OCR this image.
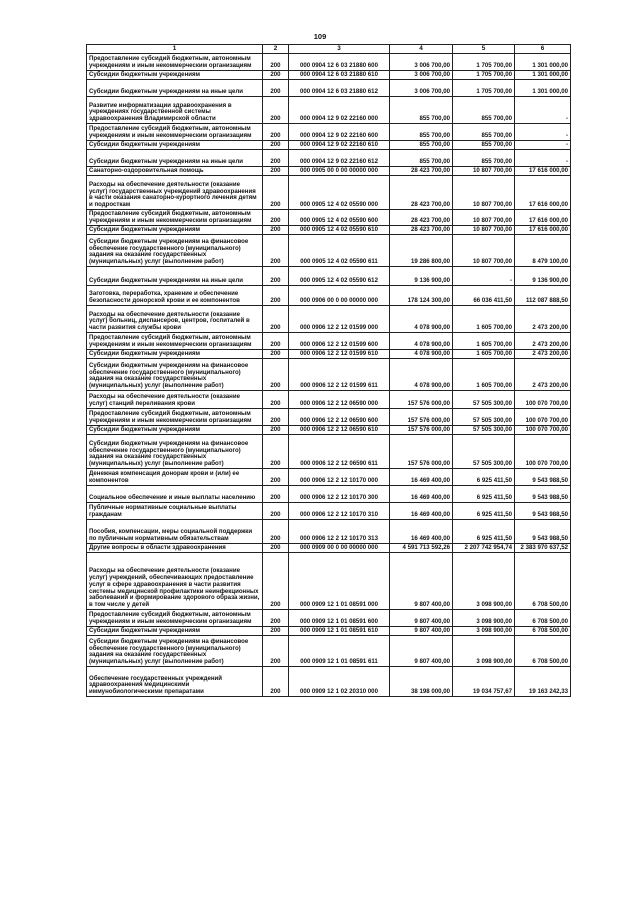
109
1	2	3	4	5	6
Предоставление субсидий бюджетным, автономным учреждениям и иным некоммерческим организациям	200	000 0904 12 6 03 21880 600	3 006 700,00	1 705 700,00	1 301 000,00
Субсидии бюджетным учреждениям	200	000 0904 12 6 03 21880 610	3 006 700,00	1 705 700,00	1 301 000,00
Субсидии бюджетным учреждениям на иные цели	200	000 0904 12 6 03 21880 612	3 006 700,00	1 705 700,00	1 301 000,00
Развитие информатизации здравоохранения в учреждениях государственной системы здравоохранения Владимирской области	200	000 0904 12 9 02 22160 000	855 700,00	855 700,00	-
Предоставление субсидий бюджетным, автономным учреждениям и иным некоммерческим организациям	200	000 0904 12 9 02 22160 600	855 700,00	855 700,00	-
Субсидии бюджетным учреждениям	200	000 0904 12 9 02 22160 610	855 700,00	855 700,00	-
Субсидии бюджетным учреждениям на иные цели	200	000 0904 12 9 02 22160 612	855 700,00	855 700,00	-
Санаторно-оздоровительная помощь	200	000 0905 00 0 00 00000 000	28 423 700,00	10 807 700,00	17 616 000,00
Расходы на обеспечение деятельности (оказание услуг) государственных учреждений здравоохранения в части оказания санаторно-курортного лечения детям и подросткам	200	000 0905 12 4 02 05590 000	28 423 700,00	10 807 700,00	17 616 000,00
Предоставление субсидий бюджетным, автономным учреждениям и иным некоммерческим организациям	200	000 0905 12 4 02 05590 600	28 423 700,00	10 807 700,00	17 616 000,00
Субсидии бюджетным учреждениям	200	000 0905 12 4 02 05590 610	28 423 700,00	10 807 700,00	17 616 000,00
Субсидии бюджетным учреждениям на финансовое обеспечение государственного (муниципального) задания на оказание государственных (муниципальных) услуг (выполнение работ)	200	000 0905 12 4 02 05590 611	19 286 800,00	10 807 700,00	8 479 100,00
Субсидии бюджетным учреждениям на иные цели	200	000 0905 12 4 02 05590 612	9 136 900,00	-	9 136 900,00
Заготовка, переработка, хранение и обеспечение безопасности донорской крови и ее компонентов	200	000 0906 00 0 00 00000 000	178 124 300,00	66 036 411,50	112 087 888,50
Расходы на обеспечение деятельности (оказание услуг) больниц, диспансеров, центров, госпиталей в части развития службы крови	200	000 0906 12 2 12 01599 000	4 078 900,00	1 605 700,00	2 473 200,00
Предоставление субсидий бюджетным, автономным учреждениям и иным некоммерческим организациям	200	000 0906 12 2 12 01599 600	4 078 900,00	1 605 700,00	2 473 200,00
Субсидии бюджетным учреждениям	200	000 0906 12 2 12 01599 610	4 078 900,00	1 605 700,00	2 473 200,00
Субсидии бюджетным учреждениям на финансовое обеспечение государственного (муниципального) задания на оказание государственных (муниципальных) услуг (выполнение работ)	200	000 0906 12 2 12 01599 611	4 078 900,00	1 605 700,00	2 473 200,00
Расходы на обеспечение деятельности (оказание услуг) станций переливания крови	200	000 0906 12 2 12 06590 000	157 576 000,00	57 505 300,00	100 070 700,00
Предоставление субсидий бюджетным, автономным учреждениям и иным некоммерческим организациям	200	000 0906 12 2 12 06590 600	157 576 000,00	57 505 300,00	100 070 700,00
Субсидии бюджетным учреждениям	200	000 0906 12 2 12 06590 610	157 576 000,00	57 505 300,00	100 070 700,00
Субсидии бюджетным учреждениям на финансовое обеспечение государственного (муниципального) задания на оказание государственных (муниципальных) услуг (выполнение работ)	200	000 0906 12 2 12 06590 611	157 576 000,00	57 505 300,00	100 070 700,00
Денежная компенсация донорам крови и (или) ее компонентов	200	000 0906 12 2 12 10170 000	16 469 400,00	6 925 411,50	9 543 988,50
Социальное обеспечение и иные выплаты населению	200	000 0906 12 2 12 10170 300	16 469 400,00	6 925 411,50	9 543 988,50
Публичные нормативные социальные выплаты гражданам	200	000 0906 12 2 12 10170 310	16 469 400,00	6 925 411,50	9 543 988,50
Пособия, компенсации, меры социальной поддержки по публичным нормативным обязательствам	200	000 0906 12 2 12 10170 313	16 469 400,00	6 925 411,50	9 543 988,50
Другие вопросы в области здравоохранения	200	000 0909 00 0 00 00000 000	4 591 713 592,26	2 207 742 954,74	2 383 970 637,52
Расходы на обеспечение деятельности (оказание услуг) учреждений, обеспечивающих предоставление услуг в сфере здравоохранения в части развития системы медицинской профилактики неинфекционных заболеваний и формирование здорового образа жизни, в том числе у детей	200	000 0909 12 1 01 08591 000	9 807 400,00	3 098 900,00	6 708 500,00
Предоставление субсидий бюджетным, автономным учреждениям и иным некоммерческим организациям	200	000 0909 12 1 01 08591 600	9 807 400,00	3 098 900,00	6 708 500,00
Субсидии бюджетным учреждениям	200	000 0909 12 1 01 08591 610	9 807 400,00	3 098 900,00	6 708 500,00
Субсидии бюджетным учреждениям на финансовое обеспечение государственного (муниципального) задания на оказание государственных (муниципальных) услуг (выполнение работ)	200	000 0909 12 1 01 08591 611	9 807 400,00	3 098 900,00	6 708 500,00
Обеспечение государственных учреждений здравоохранения медицинскими иммунобиологическими препаратами	200	000 0909 12 1 02 20310 000	38 198 000,00	19 034 757,67	19 163 242,33
